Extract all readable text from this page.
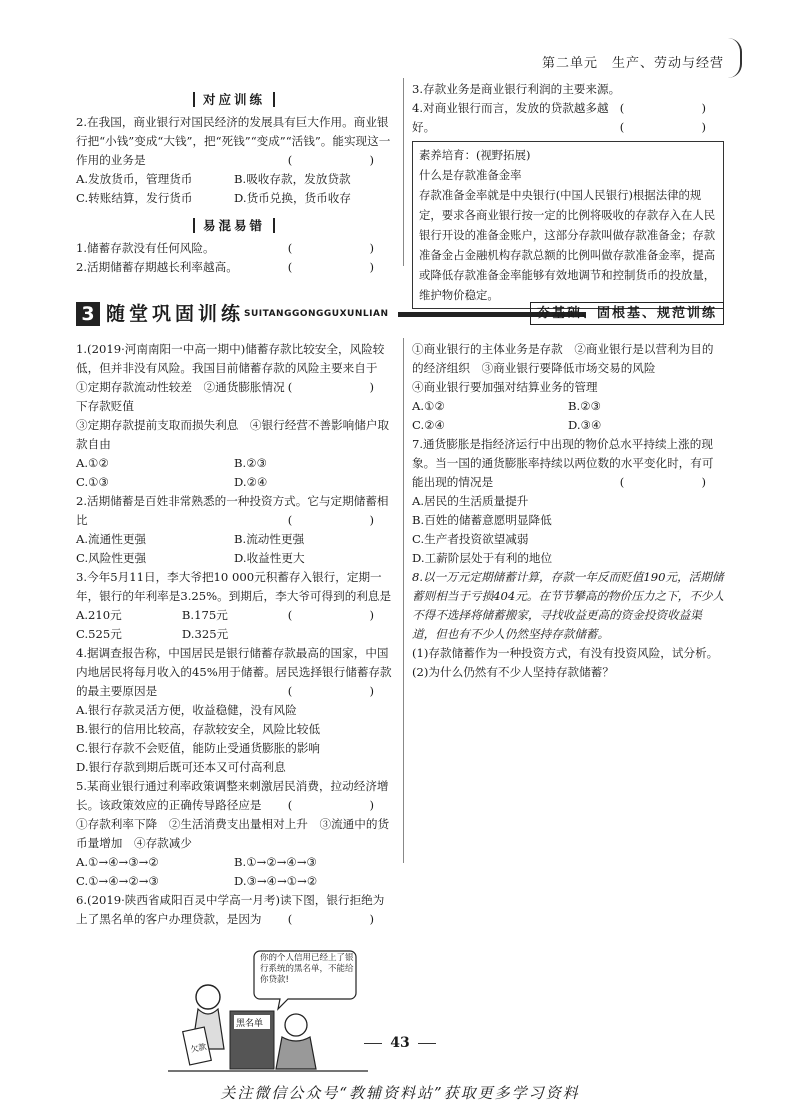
第二单元　生产、劳动与经营
对应训练

2.在我国，商业银行对国民经济的发展具有巨大作用。商业银行把“小钱”变成“大钱”，把“死钱”“变成”“活钱”。能实现这一作用的业务是	(　　)

A.发放货币，管理货币	B.吸收存款，发放贷款
C.转账结算，发行货币	D.货币兑换，货币收存
易混易错

1.储蓄存款没有任何风险。	(　　)

2.活期储蓄存期越长利率越高。	(　　)

3.存款业务是商业银行利润的主要来源。
(　　)

4.对商业银行而言，发放的贷款越多越好。	(　　)

素养培育：(视野拓展)
什么是存款准备金率
存款准备金率就是中央银行(中国人民银行)根据法律的规定，要求各商业银行按一定的比例将吸收的存款存入在人民银行开设的准备金账户，这部分存款叫做存款准备金；存款准备金占金融机构存款总额的比例叫做存款准备金率，提高或降低存款准备金率能够有效地调节和控制货币的投放量，维护物价稳定。
3 随堂巩固训练 SUITANGGONGGUXUNLIAN	夯基础、固根基、规范训练

1.(2019·河南南阳一中高一期中)储蓄存款比较安全，风险较低，但并非没有风险。我国目前储蓄存款的风险主要来自于
(　　)

①定期存款流动性较差　②通货膨胀情况下存款贬值
③定期存款提前支取而损失利息　④银行经营不善影响储户取款自由
A.①②	B.②③
C.①③	D.②④

2.活期储蓄是百姓非常熟悉的一种投资方式。它与定期储蓄相比	(　　)

A.流通性更强	B.流动性更强
C.风险性更强	D.收益性更大

3.今年5月11日，李大爷把10 000元积蓄存入银行，定期一年，银行的年利率是3.25%。到期后，李大爷可得到的利息是
(　　)

A.210元	B.175元
C.525元	D.325元

4.据调查报告称，中国居民是银行储蓄存款最高的国家，中国内地居民将每月收入的45%用于储蓄。居民选择银行储蓄存款的最主要原因是	(　　)

A.银行存款灵活方便，收益稳健，没有风险
B.银行的信用比较高，存款较安全，风险比较低
C.银行存款不会贬值，能防止受通货膨胀的影响
D.银行存款到期后既可还本又可付高利息

5.某商业银行通过利率政策调整来刺激居民消费，拉动经济增长。该政策效应的正确传导路径应是 (　　)

①存款利率下降　②生活消费支出量相对上升　③流通中的货币量增加　④存款减少
A.①→④→③→②	B.①→②→④→③
C.①→④→②→③	D.③→④→①→②

6.(2019·陕西省咸阳百灵中学高一月考)读下图，银行拒绝为上了黑名单的客户办理贷款，是因为 (　　)

你的个人信用已经上了银行系统的黑名单，不能给你贷款!
欠款
黑名单
①商业银行的主体业务是存款　②商业银行是以营利为目的的经济组织　③商业银行要降低市场交易的风险
④商业银行要加强对结算业务的管理
A.①②	B.②③
C.②④	D.③④

7.通货膨胀是指经济运行中出现的物价总水平持续上涨的现象。当一国的通货膨胀率持续以两位数的水平变化时，有可能出现的情况是	(　　)

A.居民的生活质量提升
B.百姓的储蓄意愿明显降低
C.生产者投资欲望减弱
D.工薪阶层处于有利的地位

8.以一万元定期储蓄计算，存款一年反而贬值190元，活期储蓄则相当于亏损404元。在节节攀高的物价压力之下，不少人不得不选择将储蓄搬家，寻找收益更高的资金投资收益渠道，但也有不少人仍然坚持存款储蓄。

(1)存款储蓄作为一种投资方式，有没有投资风险，试分析。

(2)为什么仍然有不少人坚持存款储蓄？

43
关注微信公众号“教辅资料站”获取更多学习资料
